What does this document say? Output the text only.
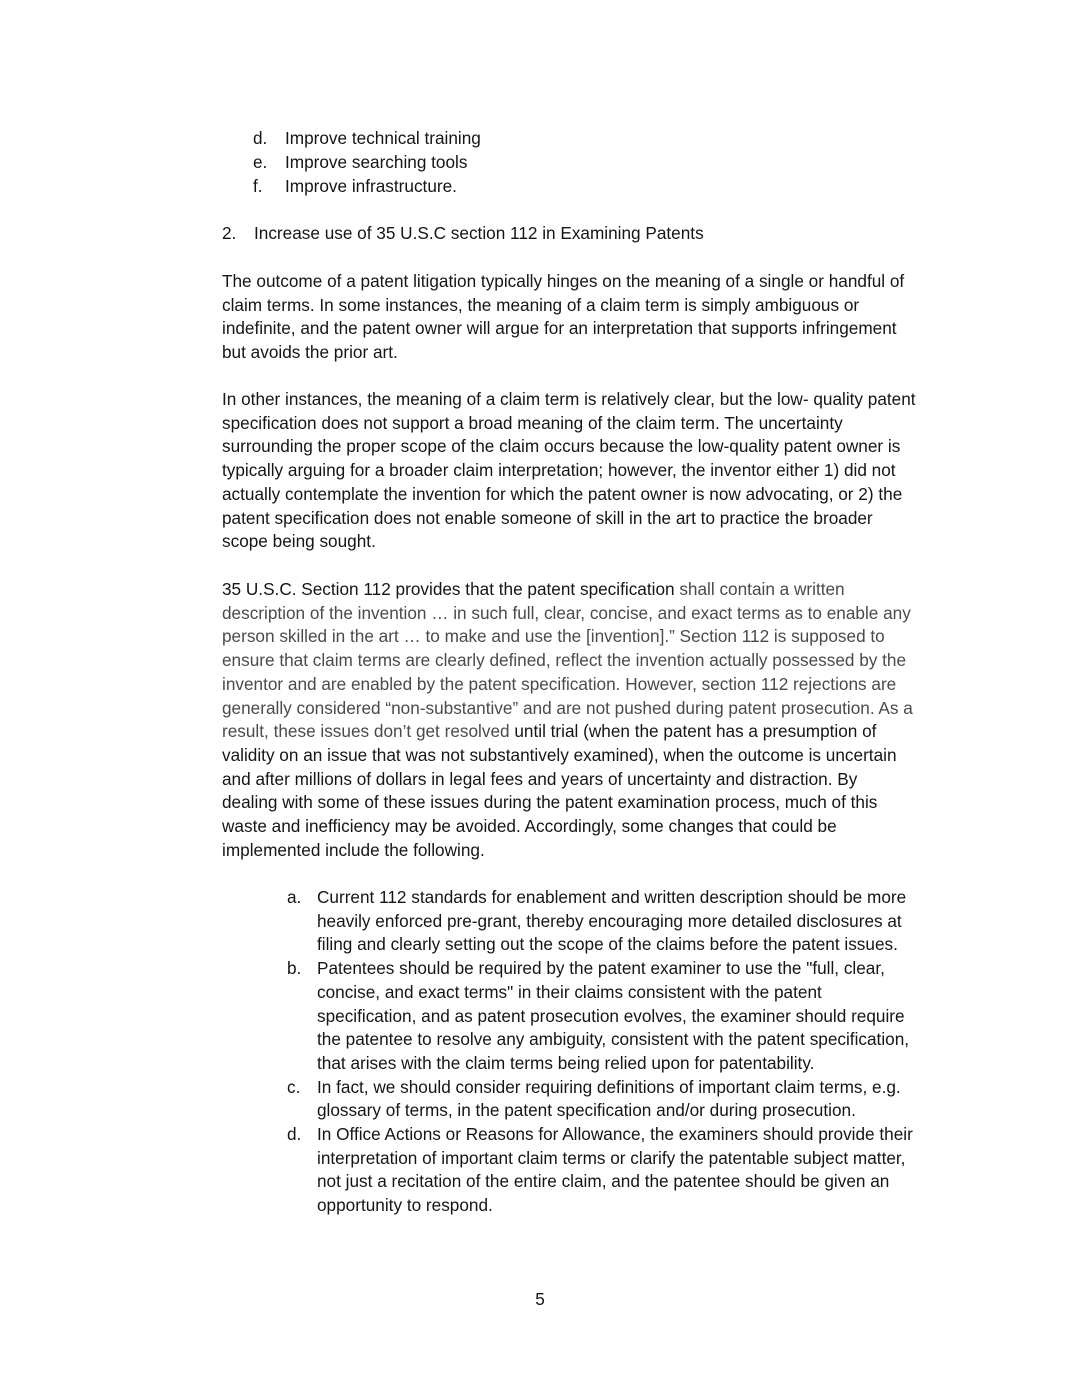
d. Improve technical training
e. Improve searching tools
f. Improve infrastructure.
2. Increase use of 35 U.S.C section 112 in Examining Patents
The outcome of a patent litigation typically hinges on the meaning of a single or handful of
claim terms. In some instances, the meaning of a claim term is simply ambiguous or
indefinite, and the patent owner will argue for an interpretation that supports infringement
but avoids the prior art.
In other instances, the meaning of a claim term is relatively clear, but the low- quality patent
specification does not support a broad meaning of the claim term. The uncertainty
surrounding the proper scope of the claim occurs because the low-quality patent owner is
typically arguing for a broader claim interpretation; however, the inventor either 1) did not
actually contemplate the invention for which the patent owner is now advocating, or 2) the
patent specification does not enable someone of skill in the art to practice the broader
scope being sought.
35 U.S.C. Section 112 provides that the patent specification shall contain a written
description of the invention … in such full, clear, concise, and exact terms as to enable any
person skilled in the art … to make and use the [invention].” Section 112 is supposed to
ensure that claim terms are clearly defined, reflect the invention actually possessed by the
inventor and are enabled by the patent specification. However, section 112 rejections are
generally considered “non-substantive” and are not pushed during patent prosecution. As a
result, these issues don’t get resolved until trial (when the patent has a presumption of
validity on an issue that was not substantively examined), when the outcome is uncertain
and after millions of dollars in legal fees and years of uncertainty and distraction. By
dealing with some of these issues during the patent examination process, much of this
waste and inefficiency may be avoided. Accordingly, some changes that could be
implemented include the following.
a. Current 112 standards for enablement and written description should be more
heavily enforced pre-grant, thereby encouraging more detailed disclosures at
filing and clearly setting out the scope of the claims before the patent issues.
b. Patentees should be required by the patent examiner to use the "full, clear,
concise, and exact terms" in their claims consistent with the patent
specification, and as patent prosecution evolves, the examiner should require
the patentee to resolve any ambiguity, consistent with the patent specification,
that arises with the claim terms being relied upon for patentability.
c. In fact, we should consider requiring definitions of important claim terms, e.g.
glossary of terms, in the patent specification and/or during prosecution.
d. In Office Actions or Reasons for Allowance, the examiners should provide their
interpretation of important claim terms or clarify the patentable subject matter,
not just a recitation of the entire claim, and the patentee should be given an
opportunity to respond.
5
